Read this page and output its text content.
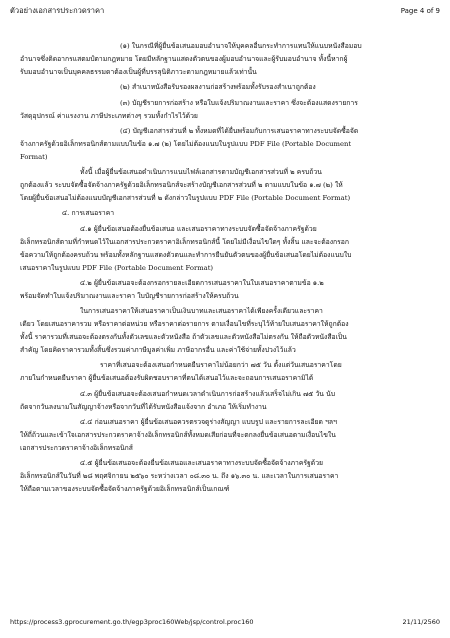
ตัวอย่างเอกสารประกวดราคา	Page 4 of 9
(๑) ในกรณีที่ผู้ยื่นข้อเสนอมอบอำนาจให้บุคคลอื่นกระทำการแทนให้แนบหนังสือมอบ
อำนาจซึ่งติดอากรแสตมป์ตามกฎหมาย โดยมีหลักฐานแสดงตัวตนของผู้มอบอำนาจและผู้รับมอบอำนาจ ทั้งนี้หากผู้
รับมอบอำนาจเป็นบุคคลธรรมดาต้องเป็นผู้ที่บรรลุนิติภาวะตามกฎหมายแล้วเท่านั้น
(๒) สำเนาหนังสือรับรองผลงานก่อสร้างพร้อมทั้งรับรองสำเนาถูกต้อง
(๓) บัญชีรายการก่อสร้าง หรือใบแจ้งปริมาณงานและราคา ซึ่งจะต้องแสดงรายการ
วัสดุอุปกรณ์ ค่าแรงงาน ภาษีประเภทต่างๆ รวมทั้งกำไรไว้ด้วย
(๔) บัญชีเอกสารส่วนที่ ๒ ทั้งหมดที่ได้ยื่นพร้อมกับการเสนอราคาทางระบบจัดซื้อจัด
จ้างภาครัฐด้วยอิเล็กทรอนิกส์ตามแบบในข้อ ๑.๗ (๒) โดยไม่ต้องแนบในรูปแบบ PDF File (Portable Document
Format)
ทั้งนี้ เมื่อผู้ยื่นข้อเสนอดำเนินการแนบไฟล์เอกสารตามบัญชีเอกสารส่วนที่ ๒ ครบถ้วน
ถูกต้องแล้ว ระบบจัดซื้อจัดจ้างภาครัฐด้วยอิเล็กทรอนิกส์จะสร้างบัญชีเอกสารส่วนที่ ๒ ตามแบบในข้อ ๑.๗ (๒) ให้
โดยผู้ยื่นข้อเสนอไม่ต้องแนบบัญชีเอกสารส่วนที่ ๒ ดังกล่าวในรูปแบบ PDF File (Portable Document Format)
๔. การเสนอราคา
๔.๑ ผู้ยื่นข้อเสนอต้องยื่นข้อเสนอ และเสนอราคาทางระบบจัดซื้อจัดจ้างภาครัฐด้วย
อิเล็กทรอนิกส์ตามที่กำหนดไว้ในเอกสารประกวดราคาอิเล็กทรอนิกส์นี้ โดยไม่มีเงื่อนไขใดๆ ทั้งสิ้น และจะต้องกรอก
ข้อความให้ถูกต้องครบถ้วน พร้อมทั้งหลักฐานแสดงตัวตนและทำการยืนยันตัวตนของผู้ยื่นข้อเสนอโดยไม่ต้องแนบใบ
เสนอราคาในรูปแบบ PDF File (Portable Document Format)
๔.๒ ผู้ยื่นข้อเสนอจะต้องกรอกรายละเอียดการเสนอราคาในใบเสนอราคาตามข้อ ๑.๒
พร้อมจัดทำใบแจ้งปริมาณงานและราคา ใบบัญชีรายการก่อสร้างให้ครบถ้วน
ในการเสนอราคาให้เสนอราคาเป็นเงินบาทและเสนอราคาได้เพียงครั้งเดียวและราคา
เดียว โดยเสนอราคารวม หรือราคาต่อหน่วย หรือราคาต่อรายการ ตามเงื่อนไขที่ระบุไว้ท้ายใบเสนอราคาให้ถูกต้อง
ทั้งนี้ ราคารวมที่เสนอจะต้องตรงกันทั้งตัวเลขและตัวหนังสือ ถ้าตัวเลขและตัวหนังสือไม่ตรงกัน ให้ถือตัวหนังสือเป็น
สำคัญ โดยคิดราคารวมทั้งสิ้นซึ่งรวมค่าภาษีมูลค่าเพิ่ม ภาษีอากรอื่น และค่าใช้จ่ายทั้งปวงไว้แล้ว
ราคาที่เสนอจะต้องเสนอกำหนดยืนราคาไม่น้อยกว่า ๗๕ วัน ตั้งแต่วันเสนอราคาโดย
ภายในกำหนดยืนราคา ผู้ยื่นข้อเสนอต้องรับผิดชอบราคาที่ตนได้เสนอไว้และจะถอนการเสนอราคามิได้
๔.๓ ผู้ยื่นข้อเสนอจะต้องเสนอกำหนดเวลาดำเนินการก่อสร้างแล้วเสร็จไม่เกิน ๗๕ วัน นับ
ถัดจากวันลงนามในสัญญาจ้างหรือจากวันที่ได้รับหนังสือแจ้งจาก อำเภอ ให้เริ่มทำงาน
๔.๔ ก่อนเสนอราคา ผู้ยื่นข้อเสนอควรตรวจดูร่างสัญญา แบบรูป และรายการละเอียด ฯลฯ
ให้ถี่ถ้วนและเข้าใจเอกสารประกวดราคาจ้างอิเล็กทรอนิกส์ทั้งหมดเสียก่อนที่จะตกลงยื่นข้อเสนอตามเงื่อนไขใน
เอกสารประกวดราคาจ้างอิเล็กทรอนิกส์
๔.๕ ผู้ยื่นข้อเสนอจะต้องยื่นข้อเสนอและเสนอราคาทางระบบจัดซื้อจัดจ้างภาครัฐด้วย
อิเล็กทรอนิกส์ในวันที่ ๒๘ พฤศจิกายน ๒๕๖๐ ระหว่างเวลา ๐๘.๓๐ น. ถึง ๑๖.๓๐ น. และเวลาในการเสนอราคา
ให้ถือตามเวลาของระบบจัดซื้อจัดจ้างภาครัฐด้วยอิเล็กทรอนิกส์เป็นเกณฑ์
https://process3.gprocurement.go.th/egp3proc160Web/jsp/control.proc160	21/11/2560
